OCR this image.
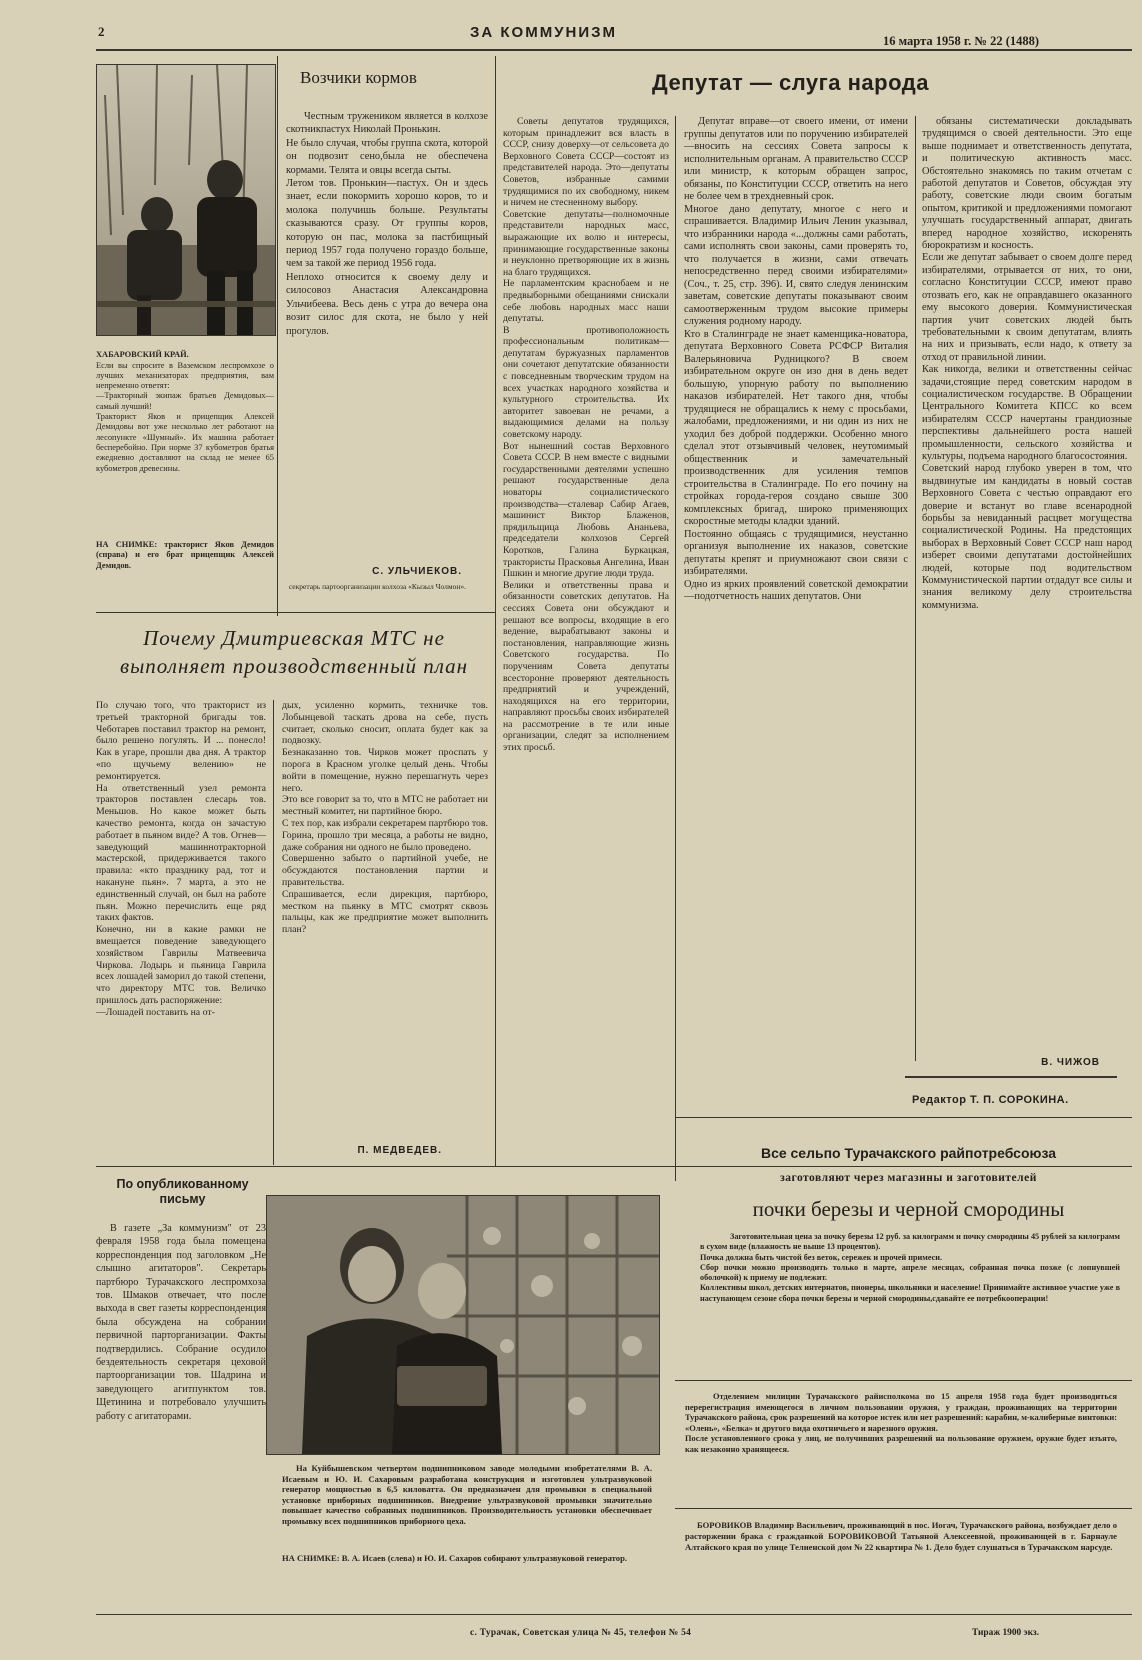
2	ЗА КОММУНИЗМ	16 марта 1958 г. № 22 (1488)

ХАБАРОВСКИЙ КРАЙ.
Если вы спросите в Ваземском леспромхозе о лучших механизаторах предприятия, вам непременно ответят:
—Тракторный экипаж братьев Демидовых—самый лучший!
Тракторист Яков и прицепщик Алексей Демидовы вот уже несколько лет работают на лесопункте «Шумный». Их машина работает бесперебойно. При норме 37 кубометров братья ежедневно доставляют на склад не менее 65 кубометров древесины.

НА СНИМКЕ: тракторист Яков Демидов (справа) и его брат прицепщик Алексей Демидов.
Возчики кормов
Честным тружеником является в колхозе скотникпастух Николай Пронькин.
Не было случая, чтобы группа скота, которой он подвозит сено,была не обеспечена кормами. Телята и овцы всегда сыты.
Летом тов. Пронькин—пастух. Он и здесь знает, если покормить хорошо коров, то и молока получишь больше. Результаты сказываются сразу. От группы коров, которую он пас, молока за пастбищный период 1957 года получено гораздо больше, чем за такой же период 1956 года.
Неплохо относится к своему делу и силосовоз Анастасия Александровна Ульчибеева. Весь день с утра до вечера она возит силос для скота, не было у ней прогулов.
С. УЛЬЧИЕКОВ.
секретарь партоорганизации колхоза «Кызыл Чолмон».
Почему Дмитриевская МТС не выполняет производственный план
По случаю того, что тракторист из третьей тракторной бригады тов. Чеботарев поставил трактор на ремонт, было решено погулять. И ... понесло! Как в угаре, прошли два дня. А трактор «по щучьему велению» не ремонтируется.
На ответственный узел ремонта тракторов поставлен слесарь тов. Меньшов. Но какое может быть качество ремонта, когда он зачастую работает в пьяном виде? А тов. Огнев—заведующий машиннотракторной мастерской, придерживается такого правила: «кто празднику рад, тот и накануне пьян». 7 марта, а это не единственный случай, он был на работе пьян. Можно перечислить еще ряд таких фактов.
Конечно, ни в какие рамки не вмещается поведение заведующего хозяйством Гаврилы Матвеевича Чиркова. Лодырь и пьяница Гаврила всех лошадей заморил до такой степени, что директору МТС тов. Величко пришлось дать распоряжение:
—Лошадей поставить на от-
дых, усиленно кормить, техничке тов. Лобынцевой таскать дрова на себе, пусть считает, сколько сносит, оплата будет как за подвозку.
Безнаказанно тов. Чирков может проспать у порога в Красном уголке целый день. Чтобы войти в помещение, нужно перешагнуть через него.
Это все говорит за то, что в МТС не работает ни местный комитет, ни партийное бюро.
С тех пор, как избрали секретарем партбюро тов. Горина, прошло три месяца, а работы не видно, даже собрания ни одного не было проведено.
Совершенно забыто о партийной учебе, не обсуждаются постановления партии и правительства.
Спрашивается, если дирекция, партбюро, местком на пьянку в МТС смотрят сквозь пальцы, как же предприятие может выполнить план?
П. МЕДВЕДЕВ.
По опубликованному письму
В газете „За коммунизм" от 23 февраля 1958 года была помещена корреспонденция под заголовком „Не слышно агитаторов". Секретарь партбюро Турачакского леспромхоза тов. Шмаков отвечает, что после выхода в свет газеты корреспонденция была обсуждена на собрании первичной парторганизации. Факты подтвердились. Собрание осудило бездеятельность секретаря цеховой партоорганизации тов. Шадрина и заведующего агитпунктом тов. Щетинина и потребовало улучшить работу с агитаторами.
На Куйбышевском четвертом подшипниковом заводе молодыми изобретателями В. А. Исаевым и Ю. И. Сахаровым разработана конструкция и изготовлен ультразвуковой генератор мощностью в 6,5 киловатта. Он предназначен для промывки в специальной установке приборных подшипников. Внедрение ультразвуковой промывки значительно повышает качество собранных подшипников. Производительность установки обеспечивает промывку всех подшипников приборного цеха.
НА СНИМКЕ: В. А. Исаев (слева) и Ю. И. Сахаров собирают ультразвуковой генератор.
Депутат — слуга народа
Советы депутатов трудящихся, которым принадлежит вся власть в СССР, снизу доверху—от сельсовета до Верховного Совета СССР—состоят из представителей народа. Это—депутаты Советов, избранные самими трудящимися по их свободному, никем и ничем не стесненному выбору.
Советские депутаты—полномочные представители народных масс, выражающие их волю и интересы, принимающие государственные законы и неуклонно претворяющие их в жизнь на благо трудящихся.
Не парламентским краснобаем и не предвыборными обещаниями снискали себе любовь народных масс наши депутаты.
В противоположность профессиональным политикам—депутатам буржуазных парламентов они сочетают депутатские обязанности с повседневным творческим трудом на всех участках народного хозяйства и культурного строительства. Их авторитет завоеван не речами, а выдающимися делами на пользу советскому народу.
Вот нынешний состав Верховного Совета СССР. В нем вместе с видными государственными деятелями успешно решают государственные дела новаторы социалистического производства—сталевар Сабир Агаев, машинист Виктор Блаженов, прядильщица Любовь Ананьева, председатели колхозов Сергей Коротков, Галина Буркацкая, трактористы Прасковья Ангелина, Иван Пшкин и многие другие люди труда.
Велики и ответственны права и обязанности советских депутатов. На сессиях Совета они обсуждают и решают все вопросы, входящие в его ведение, вырабатывают законы и постановления, направляющие жизнь Советского государства. По поручениям Совета депутаты всесторонне проверяют деятельность предприятий и учреждений, находящихся на его территории, направляют просьбы своих избирателей на рассмотрение в те или иные организации, следят за исполнением этих просьб.
Депутат вправе—от своего имени, от имени группы депутатов или по поручению избирателей—вносить на сессиях Совета запросы к исполнительным органам. А правительство СССР или министр, к которым обращен запрос, обязаны, по Конституции СССР, ответить на него не более чем в трехдневный срок.
Многое дано депутату, многое с него и спрашивается. Владимир Ильич Ленин указывал, что избранники народа «...должны сами работать, сами исполнять свои законы, сами проверять то, что получается в жизни, сами отвечать непосредственно перед своими избирателями» (Соч., т. 25, стр. 396). И, свято следуя ленинским заветам, советские депутаты показывают своим самоотверженным трудом высокие примеры служения родному народу.
Кто в Сталинграде не знает каменщика-новатора, депутата Верховного Совета РСФСР Виталия Валерьяновича Рудницкого? В своем избирательном округе он изо дня в день ведет большую, упорную работу по выполнению наказов избирателей. Нет такого дня, чтобы трудящиеся не обращались к нему с просьбами, жалобами, предложениями, и ни один из них не уходил без доброй поддержки. Особенно много сделал этот отзывчивый человек, неутомимый общественник и замечательный производственник для усиления темпов строительства в Сталинграде. По его почину на стройках города-героя создано свыше 300 комплексных бригад, широко применяющих скоростные методы кладки зданий.
Постоянно общаясь с трудящимися, неустанно организуя выполнение их наказов, советские депутаты крепят и приумножают свои связи с избирателями.
Одно из ярких проявлений советской демократии—подотчетность наших депутатов. Они
обязаны систематически докладывать трудящимся о своей деятельности. Это еще выше поднимает и ответственность депутата, и политическую активность масс. Обстоятельно знакомясь по таким отчетам с работой депутатов и Советов, обсуждая эту работу, советские люди своим богатым опытом, критикой и предложениями помогают улучшать государственный аппарат, двигать вперед народное хозяйство, искоренять бюрократизм и косность.
Если же депутат забывает о своем долге перед избирателями, отрывается от них, то они, согласно Конституции СССР, имеют право отозвать его, как не оправдавшего оказанного ему высокого доверия. Коммунистическая партия учит советских людей быть требовательными к своим депутатам, влиять на них и призывать, если надо, к ответу за отход от правильной линии.
Как никогда, велики и ответственны сейчас задачи,стоящие перед советским народом в социалистическом государстве. В Обращении Центрального Комитета КПСС ко всем избирателям СССР начертаны грандиозные перспективы дальнейшего роста нашей промышленности, сельского хозяйства и культуры, подъема народного благосостояния.
Советский народ глубоко уверен в том, что выдвинутые им кандидаты в новый состав Верховного Совета с честью оправдают его доверие и встанут во главе всенародной борьбы за невиданный расцвет могущества социалистической Родины. На предстоящих выборах в Верховный Совет СССР наш народ изберет своими депутатами достойнейших людей, которые под водительством Коммунистической партии отдадут все силы и знания великому делу строительства коммунизма.
В. ЧИЖОВ
Редактор Т. П. СОРОКИНА.
Все сельпо Турачакского райпотребсоюза
заготовляют через магазины и заготовителей
почки березы и черной смородины
Заготовительная цена за почку березы 12 руб. за килограмм и почку смородины 45 рублей за килограмм в сухом виде (влажность не выше 13 процентов).
Почка должна быть чистой без веток, сережек и прочей примеси.
Сбор почки можно производить только в марте, апреле месяцах, собранная почка позже (с лопнувшей оболочкой) к приему не подлежит.
Коллективы школ, детских интернатов, пионеры, школьники и население! Принимайте активное участие уже в наступающем сезоне сбора почки березы и черной смородины,сдавайте ее потребкооперации!
Отделением милиции Турачакского райисполкома по 15 апреля 1958 года будет производиться перерегистрация имеющегося в личном пользовании оружия, у граждан, проживающих на территории Турачакского района, срок разрешений на которое истек или нет разрешений: карабин, м-калиберные винтовки: «Олень», «Белка» и другого вида охотничьего и нарезного оружия.
После установленного срока у лиц, не получивших разрешений на пользование оружием, оружие будет изъято, как незаконно хранящееся.
БОРОВИКОВ Владимир Васильевич, проживающий в пос. Иогач, Турачакского района, возбуждает дело о расторжении брака с гражданкой БОРОВИКОВОЙ Татьяной Алексеевной, проживающей в г. Барнауле Алтайского края по улице Телиенской дом № 22 квартира № 1. Дело будет слушаться в Турачакском нарсуде.
с. Турачак, Советская улица № 45, телефон № 54	Тираж 1900 экз.
